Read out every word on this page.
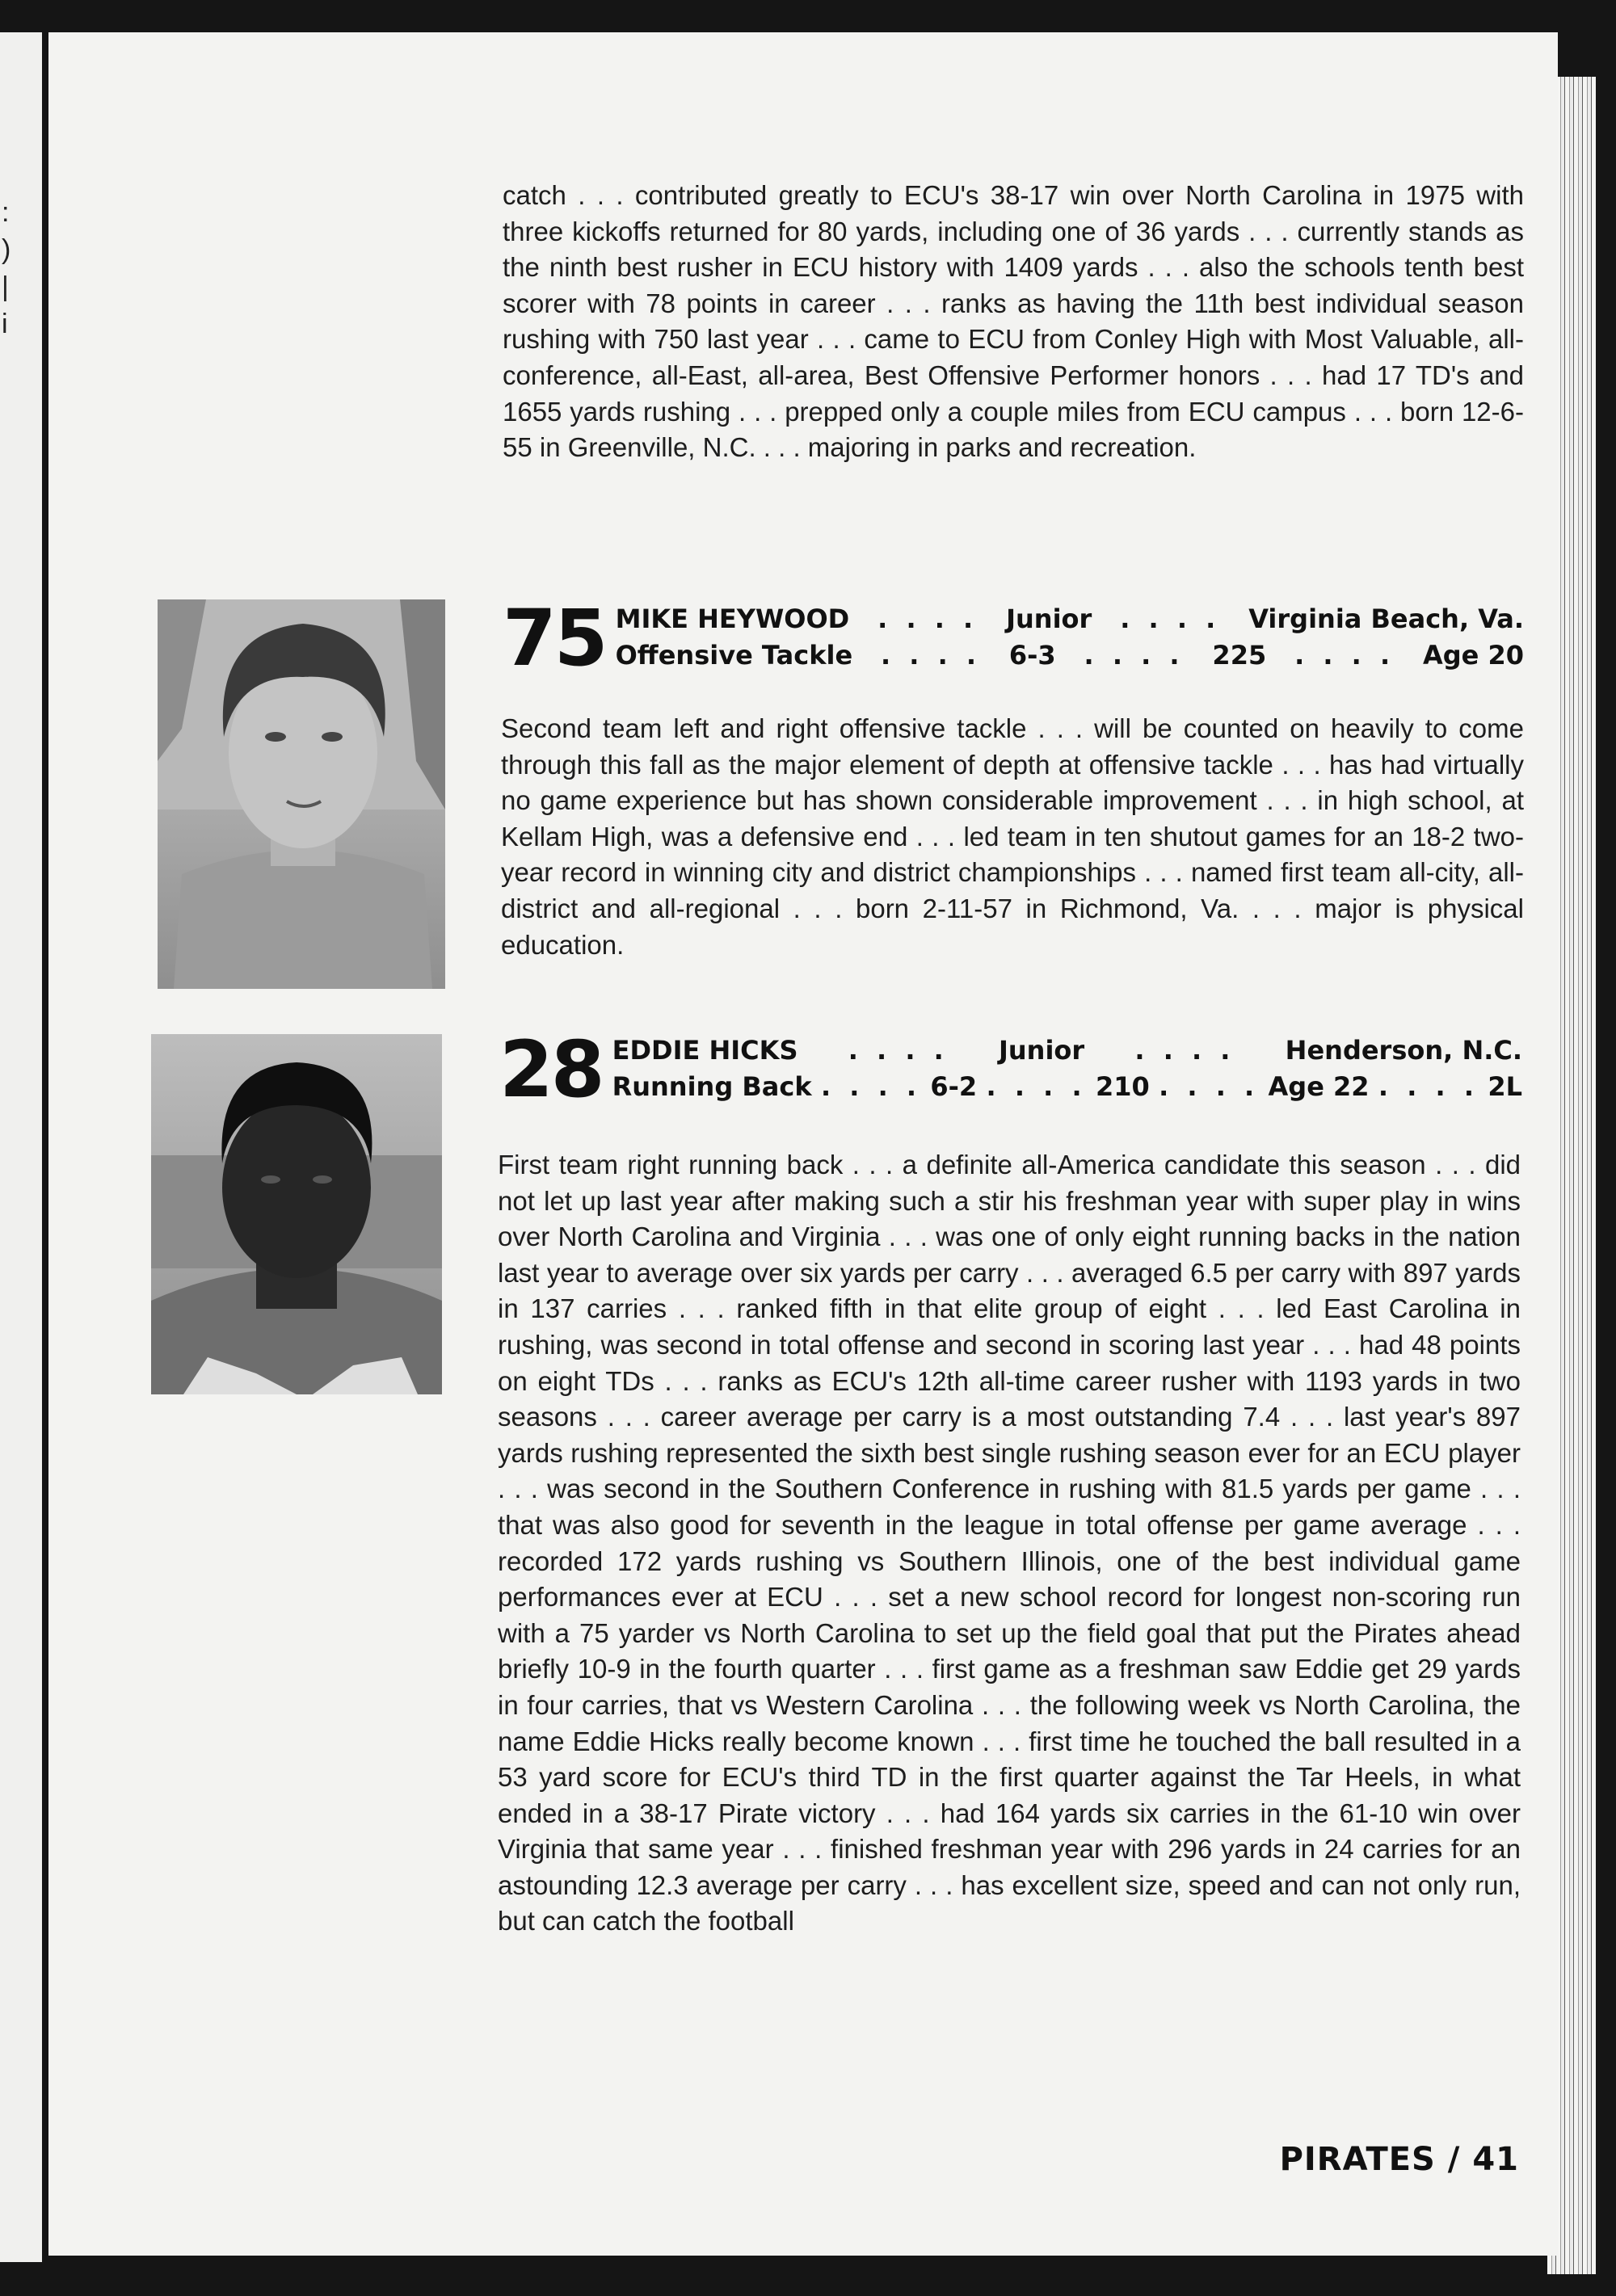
:
)
|
i

catch . . . contributed greatly to ECU's 38-17 win over North Carolina in 1975 with three kickoffs returned for 80 yards, including one of 36 yards . . . currently stands as the ninth best rusher in ECU history with 1409 yards . . . also the schools tenth best scorer with 78 points in career . . . ranks as having the 11th best individual season rushing with 750 last year . . . came to ECU from Conley High with Most Valuable, all-conference, all-East, all-area, Best Offensive Performer honors . . . had 17 TD's and 1655 yards rushing . . . prepped only a couple miles from ECU campus . . . born 12-6-55 in Greenville, N.C. . . . majoring in parks and recreation.

75 MIKE HEYWOOD	. . . .	Junior	. . . .	Virginia Beach, Va.
Offensive Tackle	. . . .	6-3	. . . .	225	. . . .	Age 20

Second team left and right offensive tackle . . . will be counted on heavily to come through this fall as the major element of depth at offensive tackle . . . has had virtually no game experience but has shown considerable improvement . . . in high school, at Kellam High, was a defensive end . . . led team in ten shutout games for an 18-2 two-year record in winning city and district championships . . . named first team all-city, all-district and all-regional . . . born 2-11-57 in Richmond, Va. . . . major is physical education.

28 EDDIE HICKS	. . . .	Junior	. . . .	Henderson, N.C.
Running Back . . . . 6-2 . . . . 210 . . . . Age 22 . . . . 2L

First team right running back . . . a definite all-America candidate this season . . . did not let up last year after making such a stir his freshman year with super play in wins over North Carolina and Virginia . . . was one of only eight running backs in the nation last year to average over six yards per carry . . . averaged 6.5 per carry with 897 yards in 137 carries . . . ranked fifth in that elite group of eight . . . led East Carolina in rushing, was second in total offense and second in scoring last year . . . had 48 points on eight TDs . . . ranks as ECU's 12th all-time career rusher with 1193 yards in two seasons . . . career average per carry is a most outstanding 7.4 . . . last year's 897 yards rushing represented the sixth best single rushing season ever for an ECU player . . . was second in the Southern Conference in rushing with 81.5 yards per game . . . that was also good for seventh in the league in total offense per game average . . . recorded 172 yards rushing vs Southern Illinois, one of the best individual game performances ever at ECU . . . set a new school record for longest non-scoring run with a 75 yarder vs North Carolina to set up the field goal that put the Pirates ahead briefly 10-9 in the fourth quarter . . . first game as a freshman saw Eddie get 29 yards in four carries, that vs Western Carolina . . . the following week vs North Carolina, the name Eddie Hicks really become known . . . first time he touched the ball resulted in a 53 yard score for ECU's third TD in the first quarter against the Tar Heels, in what ended in a 38-17 Pirate victory . . . had 164 yards six carries in the 61-10 win over Virginia that same year . . . finished freshman year with 296 yards in 24 carries for an astounding 12.3 average per carry . . . has excellent size, speed and can not only run, but can catch the football

PIRATES / 41
